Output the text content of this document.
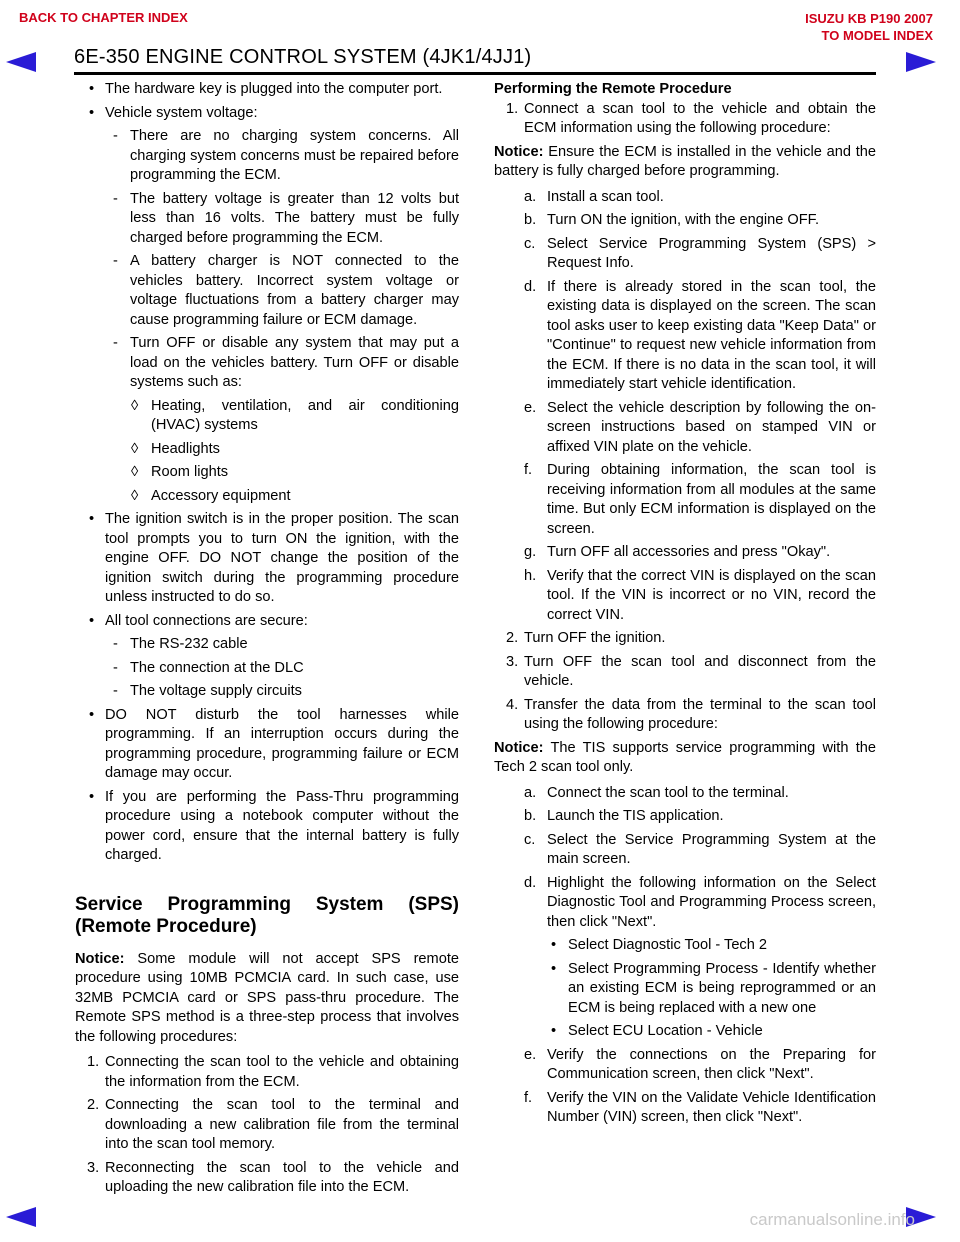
BACK TO CHAPTER INDEX	ISUZU KB P190 2007
TO MODEL INDEX
6E-350 ENGINE CONTROL SYSTEM (4JK1/4JJ1)
• The hardware key is plugged into the computer port.
• Vehicle system voltage:
- There are no charging system concerns. All charging system concerns must be repaired before programming the ECM.
- The battery voltage is greater than 12 volts but less than 16 volts. The battery must be fully charged before programming the ECM.
- A battery charger is NOT connected to the vehicles battery. Incorrect system voltage or voltage fluctuations from a battery charger may cause programming failure or ECM damage.
- Turn OFF or disable any system that may put a load on the vehicles battery. Turn OFF or disable systems such as:
◊ Heating, ventilation, and air conditioning (HVAC) systems
◊ Headlights
◊ Room lights
◊ Accessory equipment
• The ignition switch is in the proper position. The scan tool prompts you to turn ON the ignition, with the engine OFF. DO NOT change the position of the ignition switch during the programming procedure unless instructed to do so.
• All tool connections are secure:
- The RS-232 cable
- The connection at the DLC
- The voltage supply circuits
• DO NOT disturb the tool harnesses while programming. If an interruption occurs during the programming procedure, programming failure or ECM damage may occur.
• If you are performing the Pass-Thru programming procedure using a notebook computer without the power cord, ensure that the internal battery is fully charged.
Service Programming System (SPS)
(Remote Procedure)

Notice: Some module will not accept SPS remote procedure using 10MB PCMCIA card. In such case, use 32MB PCMCIA card or SPS pass-thru procedure. The Remote SPS method is a three-step process that involves the following procedures:

1. Connecting the scan tool to the vehicle and obtaining the information from the ECM.
2. Connecting the scan tool to the terminal and downloading a new calibration file from the terminal into the scan tool memory.
3. Reconnecting the scan tool to the vehicle and uploading the new calibration file into the ECM.
Performing the Remote Procedure
1. Connect a scan tool to the vehicle and obtain the ECM information using the following procedure:

Notice: Ensure the ECM is installed in the vehicle and the battery is fully charged before programming.

a. Install a scan tool.
b. Turn ON the ignition, with the engine OFF.
c. Select Service Programming System (SPS) > Request Info.
d. If there is already stored in the scan tool, the existing data is displayed on the screen. The scan tool asks user to keep existing data "Keep Data" or "Continue" to request new vehicle information from the ECM. If there is no data in the scan tool, it will immediately start vehicle identification.
e. Select the vehicle description by following the on-screen instructions based on stamped VIN or affixed VIN plate on the vehicle.
f.	During obtaining information, the scan tool is receiving information from all modules at the same time. But only ECM information is displayed on the screen.
g. Turn OFF all accessories and press "Okay".
h. Verify that the correct VIN is displayed on the scan tool. If the VIN is incorrect or no VIN, record the correct VIN.
2. Turn OFF the ignition.
3. Turn OFF the scan tool and disconnect from the vehicle.
4. Transfer the data from the terminal to the scan tool using the following procedure:

Notice: The TIS supports service programming with the Tech 2 scan tool only.

a. Connect the scan tool to the terminal.
b. Launch the TIS application.
c. Select the Service Programming System at the main screen.
d. Highlight the following information on the Select Diagnostic Tool and Programming Process screen, then click "Next".
• Select Diagnostic Tool - Tech 2
• Select Programming Process - Identify whether an existing ECM is being reprogrammed or an ECM is being replaced with a new one
• Select ECU Location - Vehicle
e. Verify the connections on the Preparing for Communication screen, then click "Next".
f.	Verify the VIN on the Validate Vehicle Identification Number (VIN) screen, then click "Next".
carmanualsonline.info
